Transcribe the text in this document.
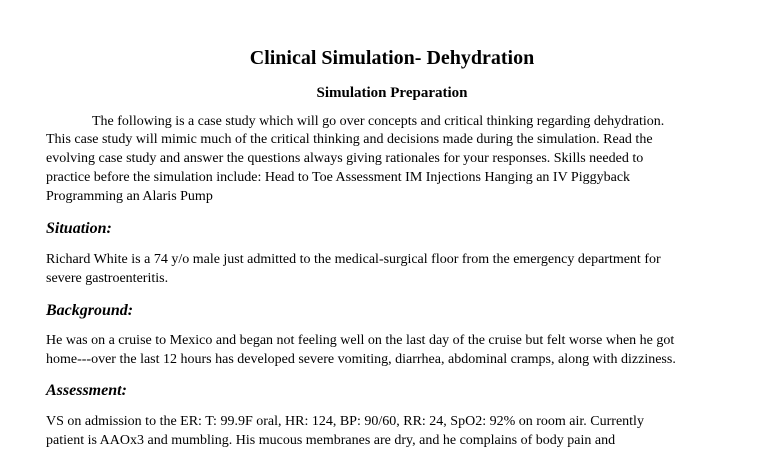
Clinical Simulation- Dehydration
Simulation Preparation
The following is a case study which will go over concepts and critical thinking regarding dehydration.
This case study will mimic much of the critical thinking and decisions made during the simulation. Read the
evolving case study and answer the questions always giving rationales for your responses. Skills needed to
practice before the simulation include: Head to Toe Assessment IM Injections Hanging an IV Piggyback
Programming an Alaris Pump
Situation:
Richard White is a 74 y/o male just admitted to the medical-surgical floor from the emergency department for
severe gastroenteritis.
Background:
He was on a cruise to Mexico and began not feeling well on the last day of the cruise but felt worse when he got
home---over the last 12 hours has developed severe vomiting, diarrhea, abdominal cramps, along with dizziness.
Assessment:
VS on admission to the ER: T: 99.9F oral, HR: 124, BP: 90/60, RR: 24, SpO2: 92% on room air. Currently
patient is AAOx3 and mumbling. His mucous membranes are dry, and he complains of body pain and
